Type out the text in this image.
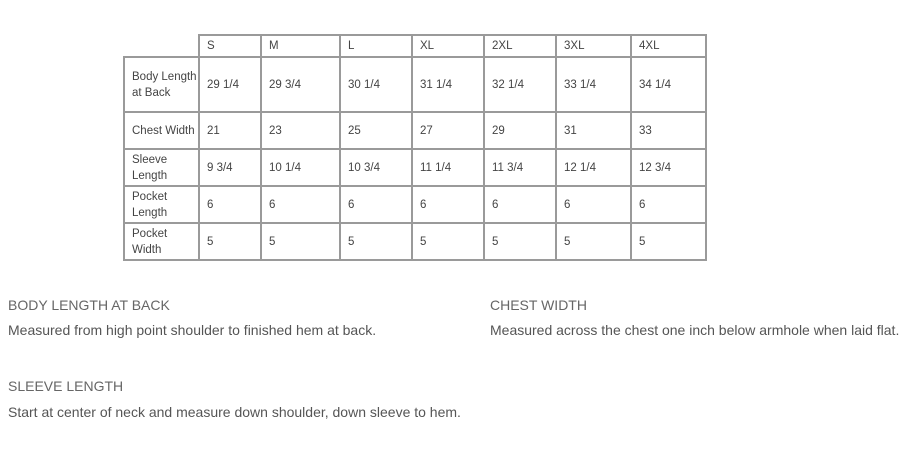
	S	M	L	XL	2XL	3XL	4XL
Body Length at Back	29 1/4	29 3/4	30 1/4	31 1/4	32 1/4	33 1/4	34 1/4
Chest Width	21	23	25	27	29	31	33
Sleeve Length	9 3/4	10 1/4	10 3/4	11 1/4	11 3/4	12 1/4	12 3/4
Pocket Length	6	6	6	6	6	6	6
Pocket Width	5	5	5	5	5	5	5

BODY LENGTH AT BACK

Measured from high point shoulder to finished hem at back.

CHEST WIDTH

Measured across the chest one inch below armhole when laid flat.

SLEEVE LENGTH

Start at center of neck and measure down shoulder, down sleeve to hem.
